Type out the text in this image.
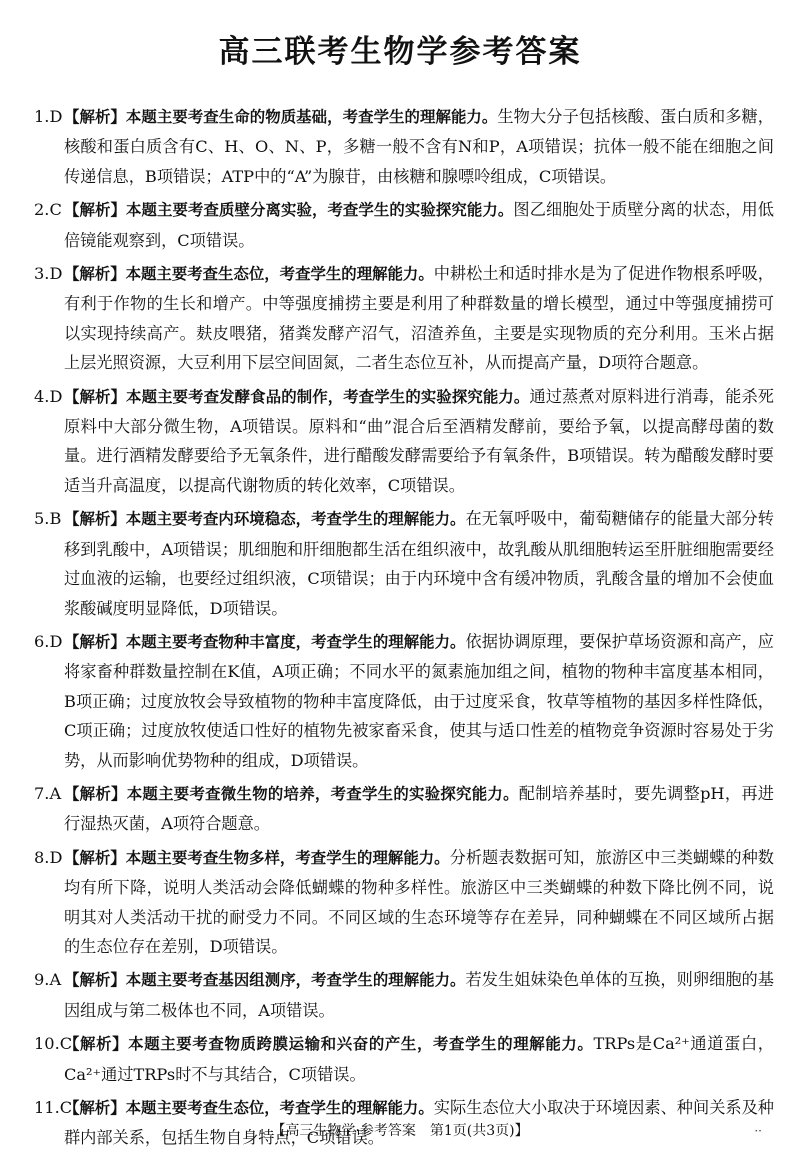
高三联考生物学参考答案
1.D 【解析】本题主要考查生命的物质基础，考查学生的理解能力。生物大分子包括核酸、蛋白质和多糖，核酸和蛋白质含有C、H、O、N、P，多糖一般不含有N和P，A项错误；抗体一般不能在细胞之间传递信息，B项错误；ATP中的“A”为腺苷，由核糖和腺嘌呤组成，C项错误。
2.C 【解析】本题主要考查质壁分离实验，考查学生的实验探究能力。图乙细胞处于质壁分离的状态，用低倍镜能观察到，C项错误。
3.D 【解析】本题主要考查生态位，考查学生的理解能力。中耕松土和适时排水是为了促进作物根系呼吸，有利于作物的生长和增产。中等强度捕捞主要是利用了种群数量的增长模型，通过中等强度捕捞可以实现持续高产。麸皮喂猪，猪粪发酵产沼气，沼渣养鱼，主要是实现物质的充分利用。玉米占据上层光照资源，大豆利用下层空间固氮，二者生态位互补，从而提高产量，D项符合题意。
4.D 【解析】本题主要考查发酵食品的制作，考查学生的实验探究能力。通过蒸煮对原料进行消毒，能杀死原料中大部分微生物，A项错误。原料和“曲”混合后至酒精发酵前，要给予氧，以提高酵母菌的数量。进行酒精发酵要给予无氧条件，进行醋酸发酵需要给予有氧条件，B项错误。转为醋酸发酵时要适当升高温度，以提高代谢物质的转化效率，C项错误。
5.B 【解析】本题主要考查内环境稳态，考查学生的理解能力。在无氧呼吸中，葡萄糖储存的能量大部分转移到乳酸中，A项错误；肌细胞和肝细胞都生活在组织液中，故乳酸从肌细胞转运至肝脏细胞需要经过血液的运输，也要经过组织液，C项错误；由于内环境中含有缓冲物质，乳酸含量的增加不会使血浆酸碱度明显降低，D项错误。
6.D 【解析】本题主要考查物种丰富度，考查学生的理解能力。依据协调原理，要保护草场资源和高产，应将家畜种群数量控制在K值，A项正确；不同水平的氮素施加组之间，植物的物种丰富度基本相同，B项正确；过度放牧会导致植物的物种丰富度降低，由于过度采食，牧草等植物的基因多样性降低，C项正确；过度放牧使适口性好的植物先被家畜采食，使其与适口性差的植物竞争资源时容易处于劣势，从而影响优势物种的组成，D项错误。
7.A 【解析】本题主要考查微生物的培养，考查学生的实验探究能力。配制培养基时，要先调整pH，再进行湿热灭菌，A项符合题意。
8.D 【解析】本题主要考查生物多样，考查学生的理解能力。分析题表数据可知，旅游区中三类蝴蝶的种数均有所下降，说明人类活动会降低蝴蝶的物种多样性。旅游区中三类蝴蝶的种数下降比例不同，说明其对人类活动干扰的耐受力不同。不同区域的生态环境等存在差异，同种蝴蝶在不同区域所占据的生态位存在差别，D项错误。
9.A 【解析】本题主要考查基因组测序，考查学生的理解能力。若发生姐妹染色单体的互换，则卵细胞的基因组成与第二极体也不同，A项错误。
10.C
【解析】本题主要考查物质跨膜运输和兴奋的产生，考查学生的理解能力。TRPs是Ca²⁺通道蛋白，Ca²⁺通过TRPs时不与其结合，C项错误。
11.C
【解析】本题主要考查生态位，考查学生的理解能力。实际生态位大小取决于环境因素、种间关系及种群内部关系，包括生物自身特点，C项错误。
【高三生物学·参考答案　第1页(共3页)】	··
